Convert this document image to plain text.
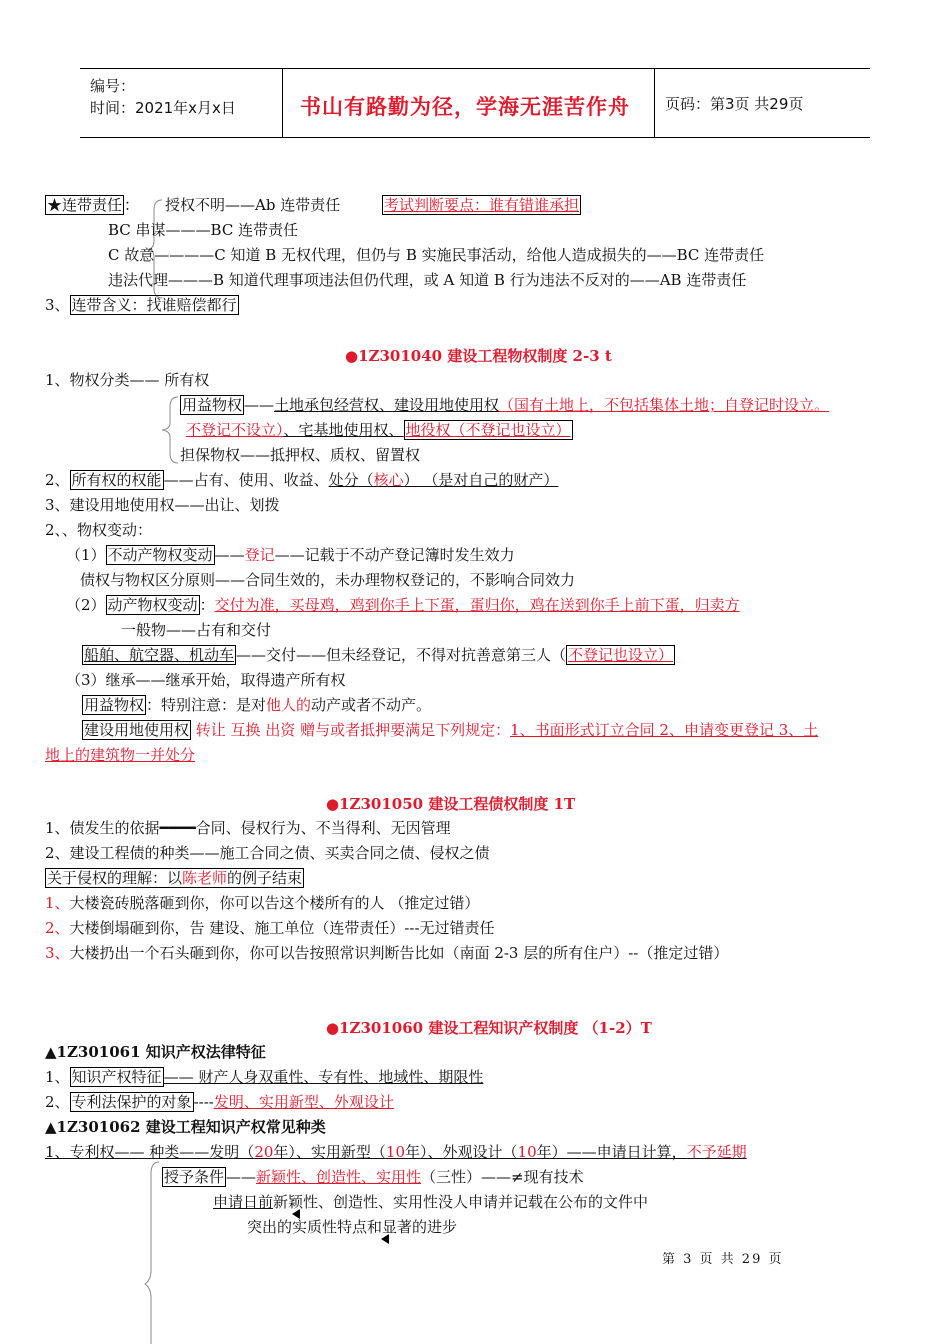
编号：
时间：2021年x月x日	书山有路勤为径，学海无涯苦作舟 页码：第3页 共29页
★连带责任 ： 授权不明——Ab 连带责任	考试判断要点：谁有错谁承担
BC 串谋———BC 连带责任
C 故意————C 知道 B 无权代理，但仍与 B 实施民事活动，给他人造成损失的——BC 连带责任
违法代理———B 知道代理事项违法但仍代理，或 A 知道 B 行为违法不反对的——AB 连带责任
3、 连带含义：找谁赔偿都行
●1Z301040 建设工程物权制度 2-3 t
1、物权分类—— 所有权
用益物权 ——土地承包经营权、建设用地使用权（国有土地上，不包括集体土地；自登记时设立。
不登记不设立）、宅基地使用权、 地役权（不登记也设立）
担保物权——抵押权、质权、留置权
2、 所有权的权能 ——占有、使用、收益、处分（核心） （是对自己的财产）
3、建设用地使用权——出让、划拨
2、、物权变动：
（1） 不动产物权变动 ——登记——记载于不动产登记簿时发生效力
债权与物权区分原则——合同生效的，未办理物权登记的，不影响合同效力
（2） 动产物权变动 ：交付为准，买母鸡，鸡到你手上下蛋，蛋归你，鸡在送到你手上前下蛋，归卖方
一般物——占有和交付
船舶、航空器、机动车 ——交付——但未经登记，不得对抗善意第三人（ 不登记也设立）
（3）继承——继承开始，取得遗产所有权
用益物权 ：特别注意：是对他人的动产或者不动产。
建设用地使用权 转让 互换 出资 赠与或者抵押要满足下列规定：1、书面形式订立合同 2、申请变更登记 3、土
地上的建筑物一并处分
●1Z301050 建设工程债权制度 1T
1、债发生的依据━━━━合同、侵权行为、不当得利、无因管理
2、建设工程债的种类——施工合同之债、买卖合同之债、侵权之债
关于侵权的理解：以陈老师的例子结束
1、大楼瓷砖脱落砸到你，你可以告这个楼所有的人 （推定过错）
2、大楼倒塌砸到你，告 建设、施工单位（连带责任）---无过错责任
3、大楼扔出一个石头砸到你，你可以告按照常识判断告比如（南面 2-3 层的所有住户）--（推定过错）
●1Z301060 建设工程知识产权制度 （1-2）T
▲1Z301061 知识产权法律特征
1、 知识产权特征 —— 财产人身双重性、专有性、地域性、期限性
2、 专利法保护的对象 ----发明、实用新型、外观设计
▲1Z301062 建设工程知识产权常见种类
1、专利权—— 种类——发明（20年）、实用新型（10年）、外观设计（10年）——申请日计算，不予延期
授予条件 ——新颖性、创造性、实用性（三性）——≠现有技术
申请日前新颖性、创造性、实用性没人申请并记载在公布的文件中
突出的实质性特点和显著的进步
第 3 页 共 29 页
